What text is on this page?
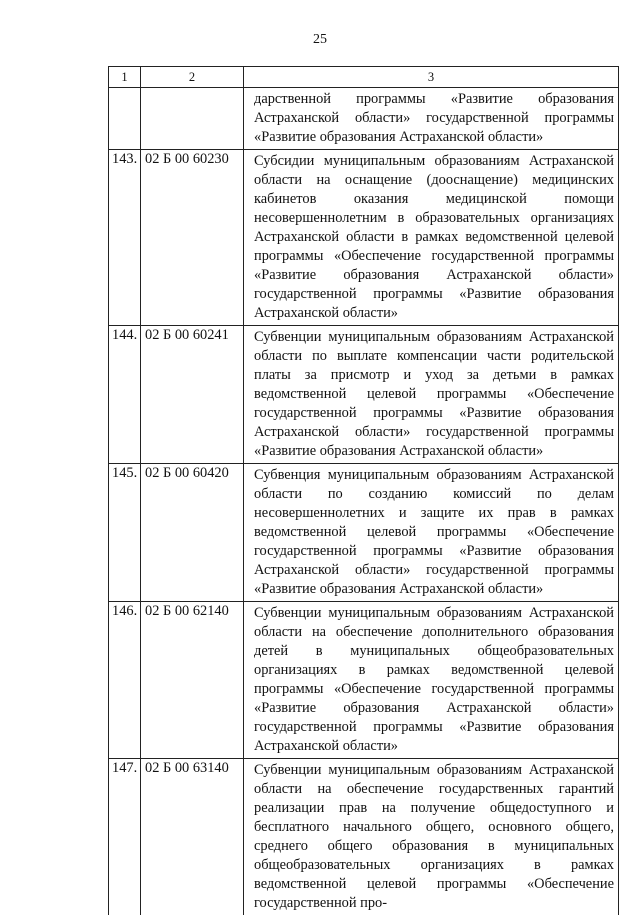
25
1	2	3
		дарственной программы «Развитие образования Астраханской области» государственной программы «Развитие образования Астраханской области»
143.	02 Б 00 60230	Субсидии муниципальным образованиям Астраханской области на оснащение (дооснащение) медицинских кабинетов оказания медицинской помощи несовершеннолетним в образовательных организациях Астраханской области в рамках ведомственной целевой программы «Обеспечение государственной программы «Развитие образования Астраханской области» государственной программы «Развитие образования Астраханской области»
144.	02 Б 00 60241	Субвенции муниципальным образованиям Астраханской области по выплате компенсации части родительской платы за присмотр и уход за детьми в рамках ведомственной целевой программы «Обеспечение государственной программы «Развитие образования Астраханской области» государственной программы «Развитие образования Астраханской области»
145.	02 Б 00 60420	Субвенция муниципальным образованиям Астраханской области по созданию комиссий по делам несовершеннолетних и защите их прав в рамках ведомственной целевой программы «Обеспечение государственной программы «Развитие образования Астраханской области» государственной программы «Развитие образования Астраханской области»
146.	02 Б 00 62140	Субвенции муниципальным образованиям Астраханской области на обеспечение дополнительного образования детей в муниципальных общеобразовательных организациях в рамках ведомственной целевой программы «Обеспечение государственной программы «Развитие образования Астраханской области» государственной программы «Развитие образования Астраханской области»
147.	02 Б 00 63140	Субвенции муниципальным образованиям Астраханской области на обеспечение государственных гарантий реализации прав на получение общедоступного и бесплатного начального общего, основного общего, среднего общего образования в муниципальных общеобразовательных организациях в рамках ведомственной целевой программы «Обеспечение государственной про-
